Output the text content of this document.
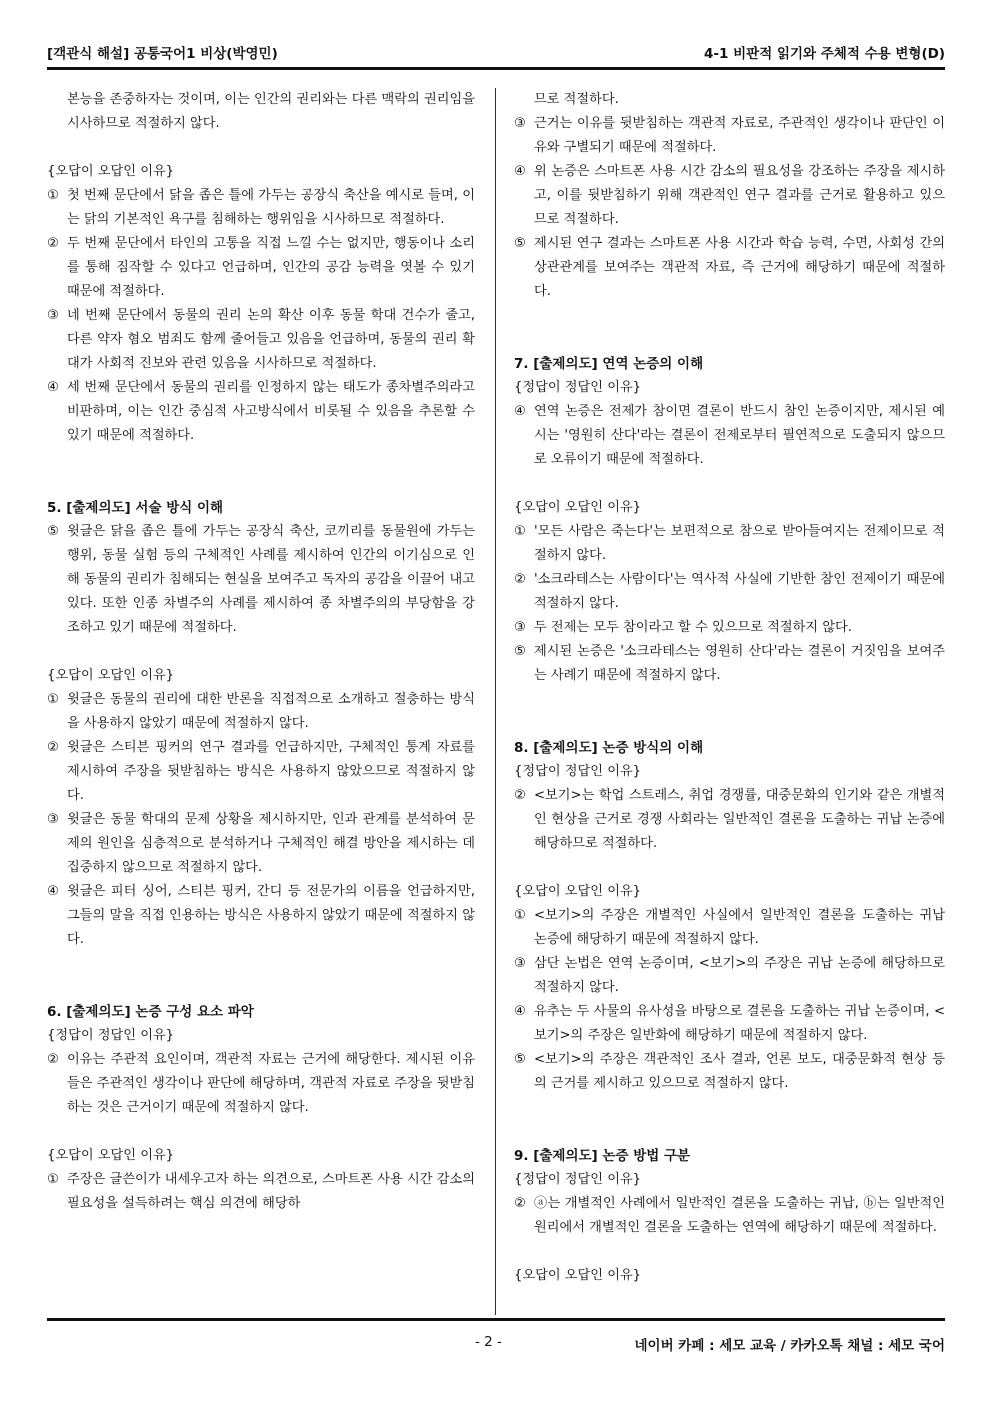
[객관식 해설] 공통국어1 비상(박영민)	4-1 비판적 읽기와 주체적 수용 변형(D)

본능을 존중하자는 것이며, 이는 인간의 권리와는 다른 맥락의 권리임을 시사하므로 적절하지 않다.

{오답이 오답인 이유}

① 첫 번째 문단에서 닭을 좁은 틀에 가두는 공장식 축산을 예시로 들며, 이는 닭의 기본적인 욕구를 침해하는 행위임을 시사하므로 적절하다.
② 두 번째 문단에서 타인의 고통을 직접 느낄 수는 없지만, 행동이나 소리를 통해 짐작할 수 있다고 언급하며, 인간의 공감 능력을 엿볼 수 있기 때문에 적절하다.
③ 네 번째 문단에서 동물의 권리 논의 확산 이후 동물 학대 건수가 줄고, 다른 약자 혐오 범죄도 함께 줄어들고 있음을 언급하며, 동물의 권리 확대가 사회적 진보와 관련 있음을 시사하므로 적절하다.
④ 세 번째 문단에서 동물의 권리를 인정하지 않는 태도가 종차별주의라고 비판하며, 이는 인간 중심적 사고방식에서 비롯될 수 있음을 추론할 수 있기 때문에 적절하다.

5. [출제의도] 서술 방식 이해

⑤ 윗글은 닭을 좁은 틀에 가두는 공장식 축산, 코끼리를 동물원에 가두는 행위, 동물 실험 등의 구체적인 사례를 제시하여 인간의 이기심으로 인해 동물의 권리가 침해되는 현실을 보여주고 독자의 공감을 이끌어 내고 있다. 또한 인종 차별주의 사례를 제시하여 종 차별주의의 부당함을 강조하고 있기 때문에 적절하다.

{오답이 오답인 이유}

① 윗글은 동물의 권리에 대한 반론을 직접적으로 소개하고 절충하는 방식을 사용하지 않았기 때문에 적절하지 않다.
② 윗글은 스티븐 핑커의 연구 결과를 언급하지만, 구체적인 통계 자료를 제시하여 주장을 뒷받침하는 방식은 사용하지 않았으므로 적절하지 않다.
③ 윗글은 동물 학대의 문제 상황을 제시하지만, 인과 관계를 분석하여 문제의 원인을 심층적으로 분석하거나 구체적인 해결 방안을 제시하는 데 집중하지 않으므로 적절하지 않다.
④ 윗글은 피터 싱어, 스티븐 핑커, 간디 등 전문가의 이름을 언급하지만, 그들의 말을 직접 인용하는 방식은 사용하지 않았기 때문에 적절하지 않다.

6. [출제의도] 논증 구성 요소 파악

{정답이 정답인 이유}

② 이유는 주관적 요인이며, 객관적 자료는 근거에 해당한다. 제시된 이유들은 주관적인 생각이나 판단에 해당하며, 객관적 자료로 주장을 뒷받침하는 것은 근거이기 때문에 적절하지 않다.

{오답이 오답인 이유}

① 주장은 글쓴이가 내세우고자 하는 의견으로, 스마트폰 사용 시간 감소의 필요성을 설득하려는 핵심 의견에 해당하

므로 적절하다.

③ 근거는 이유를 뒷받침하는 객관적 자료로, 주관적인 생각이나 판단인 이유와 구별되기 때문에 적절하다.
④ 위 논증은 스마트폰 사용 시간 감소의 필요성을 강조하는 주장을 제시하고, 이를 뒷받침하기 위해 객관적인 연구 결과를 근거로 활용하고 있으므로 적절하다.
⑤ 제시된 연구 결과는 스마트폰 사용 시간과 학습 능력, 수면, 사회성 간의 상관관계를 보여주는 객관적 자료, 즉 근거에 해당하기 때문에 적절하다.

7. [출제의도] 연역 논증의 이해

{정답이 정답인 이유}

④ 연역 논증은 전제가 참이면 결론이 반드시 참인 논증이지만, 제시된 예시는 '영원히 산다'라는 결론이 전제로부터 필연적으로 도출되지 않으므로 오류이기 때문에 적절하다.

{오답이 오답인 이유}

① '모든 사람은 죽는다'는 보편적으로 참으로 받아들여지는 전제이므로 적절하지 않다.
② '소크라테스는 사람이다'는 역사적 사실에 기반한 참인 전제이기 때문에 적절하지 않다.
③ 두 전제는 모두 참이라고 할 수 있으므로 적절하지 않다.
⑤ 제시된 논증은 '소크라테스는 영원히 산다'라는 결론이 거짓임을 보여주는 사례기 때문에 적절하지 않다.

8. [출제의도] 논증 방식의 이해

{정답이 정답인 이유}

② <보기>는 학업 스트레스, 취업 경쟁률, 대중문화의 인기와 같은 개별적인 현상을 근거로 경쟁 사회라는 일반적인 결론을 도출하는 귀납 논증에 해당하므로 적절하다.

{오답이 오답인 이유}

① <보기>의 주장은 개별적인 사실에서 일반적인 결론을 도출하는 귀납 논증에 해당하기 때문에 적절하지 않다.
③ 삼단 논법은 연역 논증이며, <보기>의 주장은 귀납 논증에 해당하므로 적절하지 않다.
④ 유추는 두 사물의 유사성을 바탕으로 결론을 도출하는 귀납 논증이며, <보기>의 주장은 일반화에 해당하기 때문에 적절하지 않다.
⑤ <보기>의 주장은 객관적인 조사 결과, 언론 보도, 대중문화적 현상 등의 근거를 제시하고 있으므로 적절하지 않다.

9. [출제의도] 논증 방법 구분

{정답이 정답인 이유}

② ⓐ는 개별적인 사례에서 일반적인 결론을 도출하는 귀납, ⓑ는 일반적인 원리에서 개별적인 결론을 도출하는 연역에 해당하기 때문에 적절하다.

{오답이 오답인 이유}

- 2 -	네이버 카페 : 세모 교육 / 카카오톡 채널 : 세모 국어
